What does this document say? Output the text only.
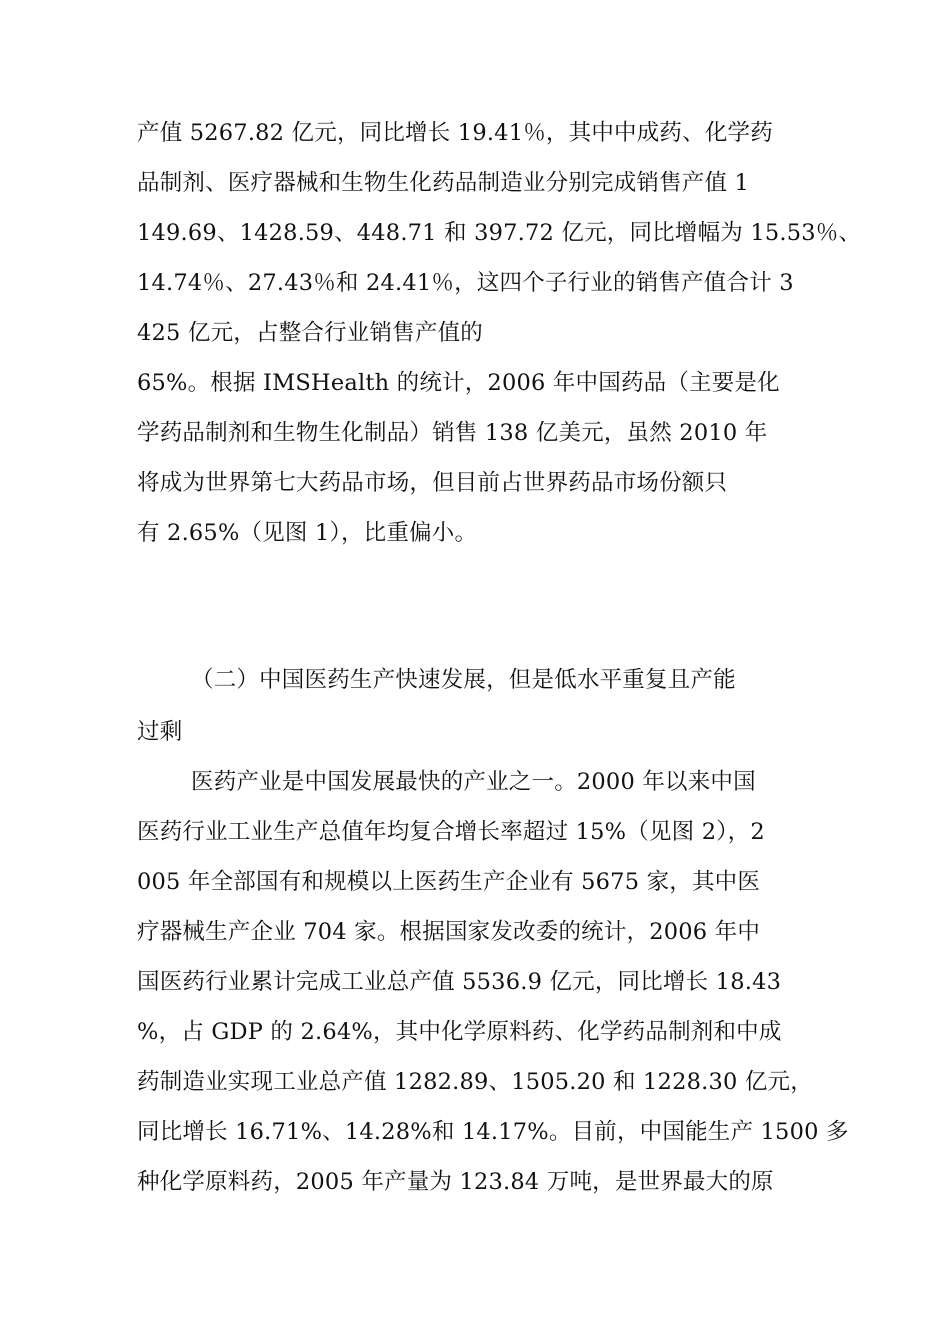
产值 5267.82 亿元，同比增长 19.41％，其中中成药、化学药
品制剂、医疗器械和生物生化药品制造业分别完成销售产值 1
149.69、1428.59、448.71 和 397.72 亿元，同比增幅为 15.53％、
14.74％、27.43％和 24.41％，这四个子行业的销售产值合计 3
425 亿元，占整合行业销售产值的
65%。根据 IMSHealth 的统计，2006 年中国药品（主要是化
学药品制剂和生物生化制品）销售 138 亿美元，虽然 2010 年
将成为世界第七大药品市场，但目前占世界药品市场份额只
有 2.65%（见图 1），比重偏小。
（二）中国医药生产快速发展，但是低水平重复且产能
过剩
医药产业是中国发展最快的产业之一。2000 年以来中国
医药行业工业生产总值年均复合增长率超过 15%（见图 2），2
005 年全部国有和规模以上医药生产企业有 5675 家，其中医
疗器械生产企业 704 家。根据国家发改委的统计，2006 年中
国医药行业累计完成工业总产值 5536.9 亿元，同比增长 18.43
%，占 GDP 的 2.64%，其中化学原料药、化学药品制剂和中成
药制造业实现工业总产值 1282.89、1505.20 和 1228.30 亿元，
同比增长 16.71%、14.28%和 14.17%。目前，中国能生产 1500 多
种化学原料药，2005 年产量为 123.84 万吨，是世界最大的原
